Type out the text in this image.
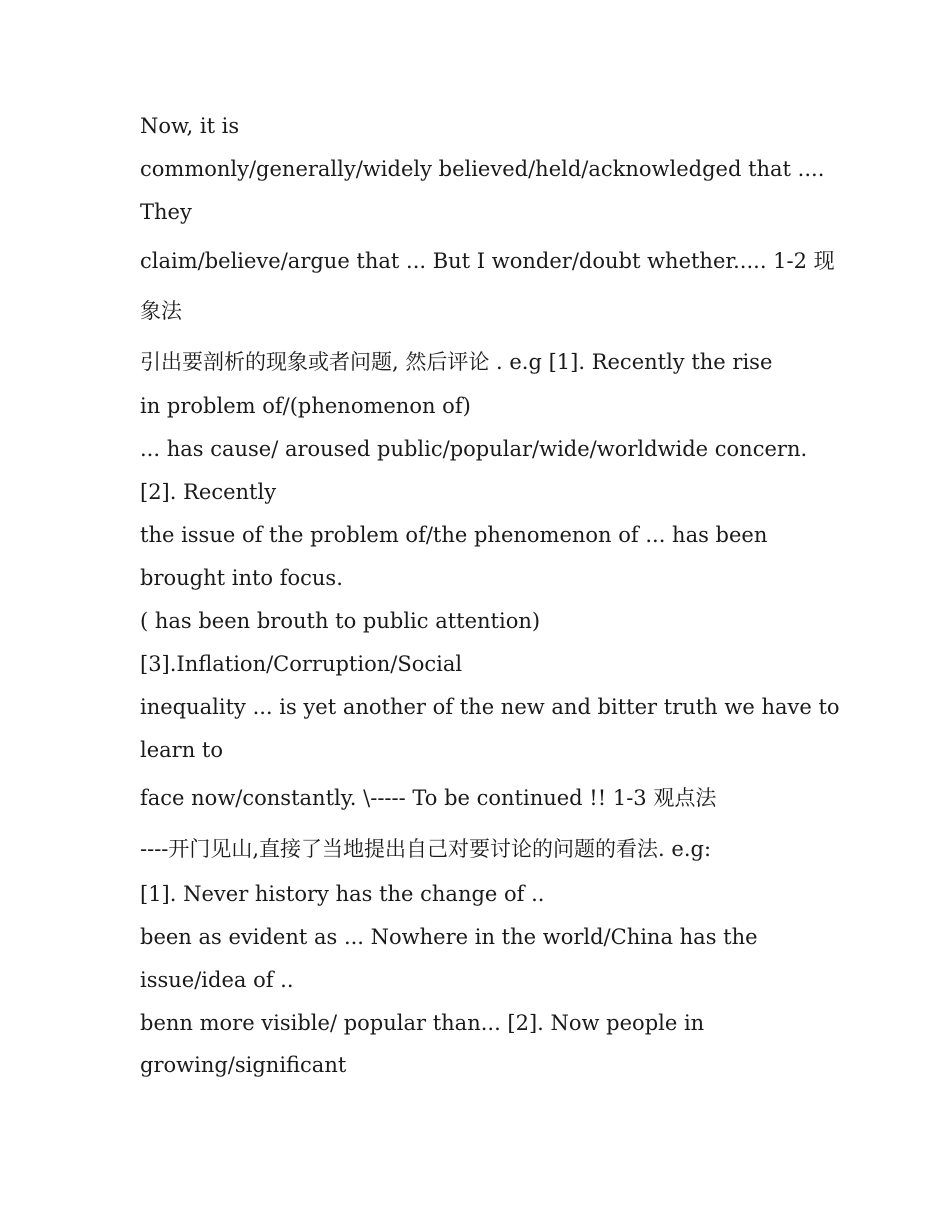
Now, it is

commonly/generally/widely believed/held/acknowledged that ....

They

claim/believe/argue that ... But I wonder/doubt whether..... 1-2 现

象法

引出要剖析的现象或者问题, 然后评论 . e.g [1]. Recently the rise

in problem of/(phenomenon of)

... has cause/ aroused public/popular/wide/worldwide concern.

[2]. Recently

the issue of the problem of/the phenomenon of ... has been

brought into focus.

( has been brouth to public attention)

[3].Inflation/Corruption/Social

inequality ... is yet another of the new and bitter truth we have to

learn to

face now/constantly. \----- To be continued !! 1-3 观点法

----开门见山,直接了当地提出自己对要讨论的问题的看法. e.g:

[1]. Never history has the change of ..

been as evident as ... Nowhere in the world/China has the

issue/idea of ..

benn more visible/ popular than... [2]. Now people in

growing/significant
